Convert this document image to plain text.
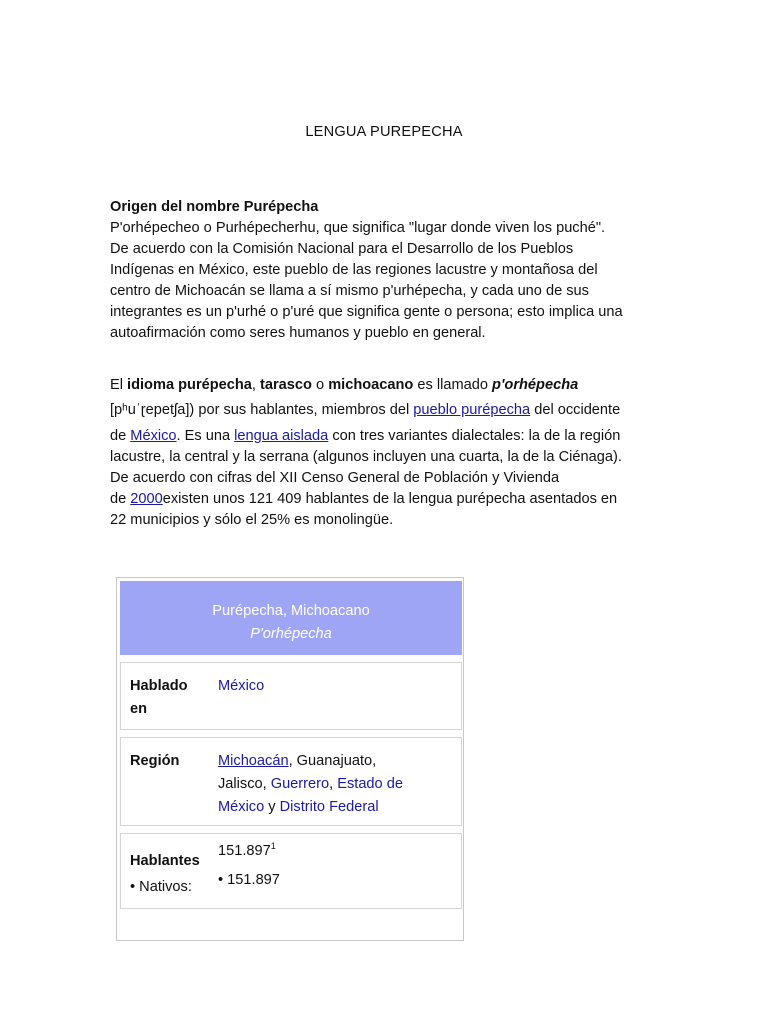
LENGUA PUREPECHA
Origen del nombre Purépecha
P'orhépecheo o Purhépecherhu, que significa "lugar donde viven los puché".
De acuerdo con la Comisión Nacional para el Desarrollo de los Pueblos
Indígenas en México, este pueblo de las regiones lacustre y montañosa del
centro de Michoacán se llama a sí mismo p'urhépecha, y cada uno de sus
integrantes es un p'urhé o p'uré que significa gente o persona; esto implica una
autoafirmación como seres humanos y pueblo en general.
El idioma purépecha, tarasco o michoacano es llamado p'orhépecha
[pʰuˈɽepetʃa]) por sus hablantes, miembros del pueblo purépecha del occidente
de México. Es una lengua aislada con tres variantes dialectales: la de la región
lacustre, la central y la serrana (algunos incluyen una cuarta, la de la Ciénaga).
De acuerdo con cifras del XII Censo General de Población y Vivienda
de 2000existen unos 121 409 hablantes de la lengua purépecha asentados en
22 municipios y sólo el 25% es monolingüe.
Purépecha, Michoacano
P'orhépecha
Hablado
en
México
Región	Michoacán, Guanajuato,
Jalisco, Guerrero, Estado de
México y Distrito Federal
Hablantes
• Nativos:
151.897$^1$
• 151.897
